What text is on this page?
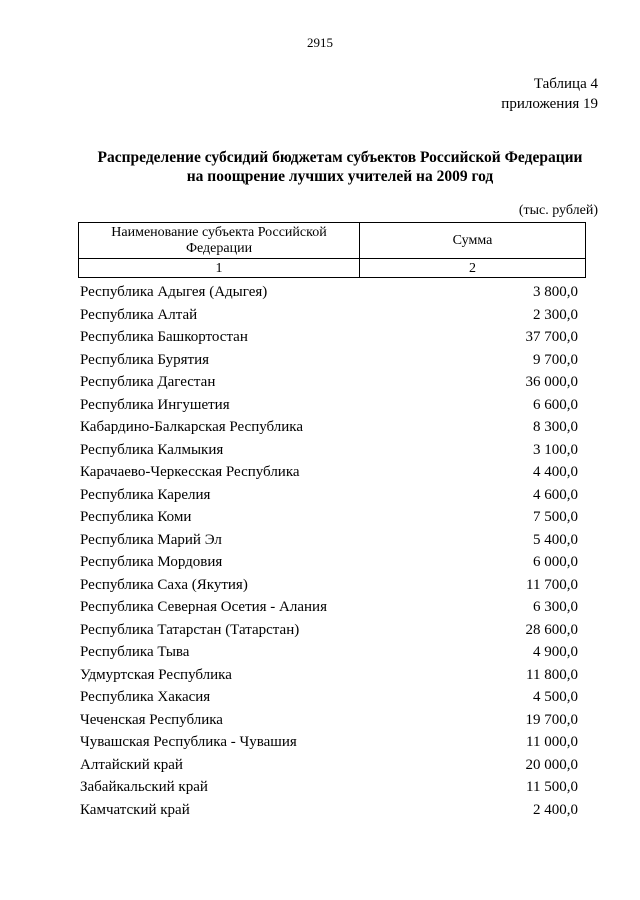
2915
Таблица 4
приложения 19
Распределение субсидий бюджетам субъектов Российской Федерации
на поощрение лучших учителей на 2009 год
(тыс. рублей)
Наименование субъекта Российской Федерации	Сумма
1	2
Республика Адыгея (Адыгея)	3 800,0
Республика Алтай	2 300,0
Республика Башкортостан	37 700,0
Республика Бурятия	9 700,0
Республика Дагестан	36 000,0
Республика Ингушетия	6 600,0
Кабардино-Балкарская Республика	8 300,0
Республика Калмыкия	3 100,0
Карачаево-Черкесская Республика	4 400,0
Республика Карелия	4 600,0
Республика Коми	7 500,0
Республика Марий Эл	5 400,0
Республика Мордовия	6 000,0
Республика Саха (Якутия)	11 700,0
Республика Северная Осетия - Алания	6 300,0
Республика Татарстан (Татарстан)	28 600,0
Республика Тыва	4 900,0
Удмуртская Республика	11 800,0
Республика Хакасия	4 500,0
Чеченская Республика	19 700,0
Чувашская Республика - Чувашия	11 000,0
Алтайский край	20 000,0
Забайкальский край	11 500,0
Камчатский край	2 400,0
